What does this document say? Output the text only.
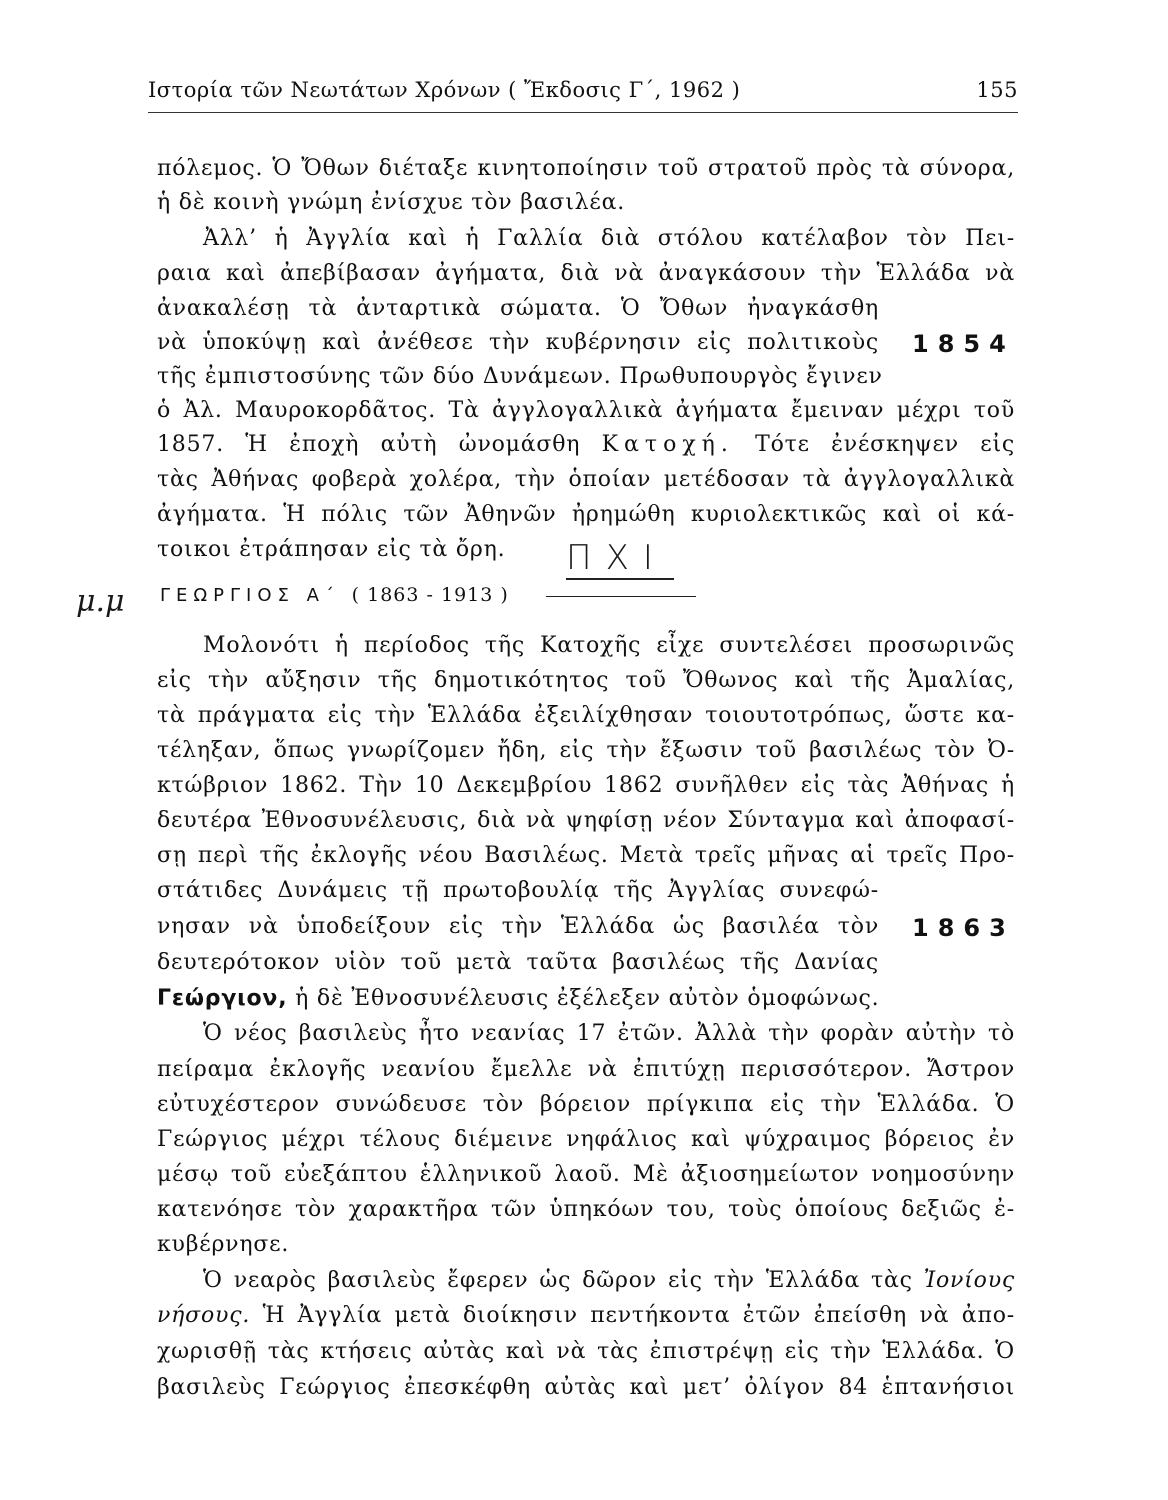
Ιστορία τῶν Νεωτάτων Χρόνων ( Ἔκδοσις Γ΄, 1962 )	155
πόλεμος. Ὁ Ὄθων διέταξε κινητοποίησιν τοῦ στρατοῦ πρὸς τὰ σύνορα,
ἡ δὲ κοινὴ γνώμη ἐνίσχυε τὸν βασιλέα.
Ἀλλ’ ἡ Ἀγγλία καὶ ἡ Γαλλία διὰ στόλου κατέλαβον τὸν Πει-
ραια καὶ ἀπεβίβασαν ἀγήματα, διὰ νὰ ἀναγκάσουν τὴν Ἑλλάδα νὰ
ἀνακαλέσῃ τὰ ἀνταρτικὰ σώματα. Ὁ Ὄθων ἠναγκάσθη
νὰ ὑποκύψῃ καὶ ἀνέθεσε τὴν κυβέρνησιν εἰς πολιτικοὺς 1854
τῆς ἐμπιστοσύνης τῶν δύο Δυνάμεων. Πρωθυπουργὸς ἔγινεν
ὁ Ἀλ. Μαυροκορδᾶτος. Τὰ ἀγγλογαλλικὰ ἀγήματα ἔμειναν μέχρι τοῦ
1857. Ἡ ἐποχὴ αὐτὴ ὠνομάσθη Κατοχή. Τότε ἐνέσκηψεν εἰς
τὰς Ἀθήνας φοβερὰ χολέρα, τὴν ὁποίαν μετέδοσαν τὰ ἀγγλογαλλικὰ
ἀγήματα. Ἡ πόλις τῶν Ἀθηνῶν ἠρημώθη κυριολεκτικῶς καὶ οἱ κά-
τοικοι ἐτράπησαν εἰς τὰ ὄρη. ΠΧΙ
μ.μ ΓΕΩΡΓΙΟΣ Α΄ ( 1863 - 1913 )
Μολονότι ἡ περίοδος τῆς Κατοχῆς εἶχε συντελέσει προσωρινῶς
εἰς τὴν αὔξησιν τῆς δημοτικότητος τοῦ Ὄθωνος καὶ τῆς Ἀμαλίας,
τὰ πράγματα εἰς τὴν Ἑλλάδα ἐξειλίχθησαν τοιουτοτρόπως, ὥστε κα-
τέληξαν, ὅπως γνωρίζομεν ἤδη, εἰς τὴν ἔξωσιν τοῦ βασιλέως τὸν Ὀ-
κτώβριον 1862. Τὴν 10 Δεκεμβρίου 1862 συνῆλθεν εἰς τὰς Ἀθήνας ἡ
δευτέρα Ἐθνοσυνέλευσις, διὰ νὰ ψηφίσῃ νέον Σύνταγμα καὶ ἀποφασί-
σῃ περὶ τῆς ἐκλογῆς νέου Βασιλέως. Μετὰ τρεῖς μῆνας αἱ τρεῖς Προ-
στάτιδες Δυνάμεις τῇ πρωτοβουλίᾳ τῆς Ἀγγλίας συνεφώ-
νησαν νὰ ὑποδείξουν εἰς τὴν Ἑλλάδα ὡς βασιλέα τὸν 1863
δευτερότοκον υἱὸν τοῦ μετὰ ταῦτα βασιλέως τῆς Δανίας
Γεώργιον, ἡ δὲ Ἐθνοσυνέλευσις ἐξέλεξεν αὐτὸν ὁμοφώνως.
Ὁ νέος βασιλεὺς ἦτο νεανίας 17 ἐτῶν. Ἀλλὰ τὴν φορὰν αὐτὴν τὸ
πείραμα ἐκλογῆς νεανίου ἔμελλε νὰ ἐπιτύχῃ περισσότερον. Ἄστρον
εὐτυχέστερον συνώδευσε τὸν βόρειον πρίγκιπα εἰς τὴν Ἑλλάδα. Ὁ
Γεώργιος μέχρι τέλους διέμεινε νηφάλιος καὶ ψύχραιμος βόρειος ἐν
μέσῳ τοῦ εὐεξάπτου ἑλληνικοῦ λαοῦ. Μὲ ἀξιοσημείωτον νοημοσύνην
κατενόησε τὸν χαρακτῆρα τῶν ὑπηκόων του, τοὺς ὁποίους δεξιῶς ἐ-
κυβέρνησε.
Ὁ νεαρὸς βασιλεὺς ἔφερεν ὡς δῶρον εἰς τὴν Ἑλλάδα τὰς Ἰονίους
νήσους. Ἡ Ἀγγλία μετὰ διοίκησιν πεντήκοντα ἐτῶν ἐπείσθη νὰ ἀπο-
χωρισθῇ τὰς κτήσεις αὐτὰς καὶ νὰ τὰς ἐπιστρέψῃ εἰς τὴν Ἑλλάδα. Ὁ
βασιλεὺς Γεώργιος ἐπεσκέφθη αὐτὰς καὶ μετ’ ὀλίγον 84 ἑπτανήσιοι
